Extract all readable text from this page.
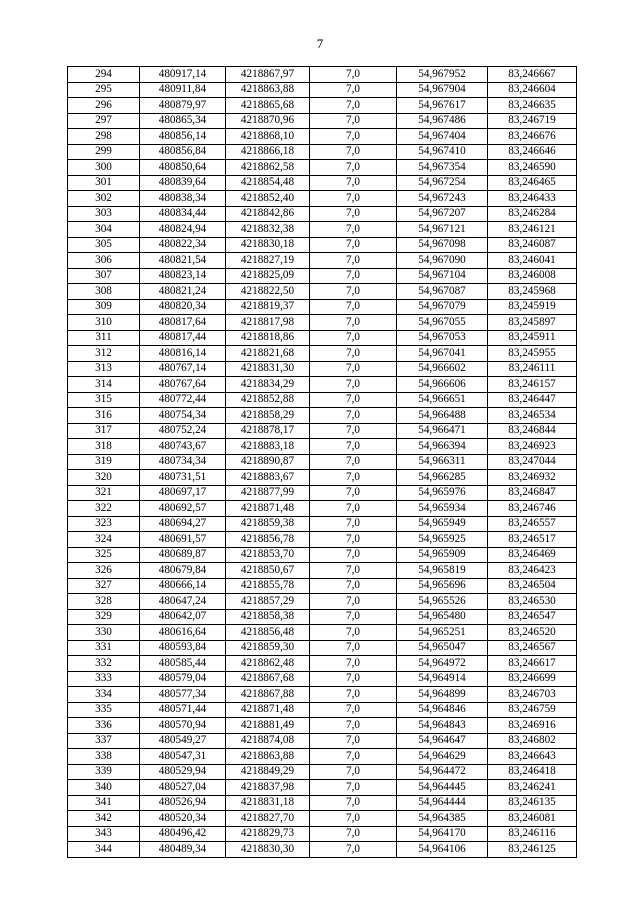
7
294	480917,14	4218867,97	7,0	54,967952	83,246667
295	480911,84	4218863,88	7,0	54,967904	83,246604
296	480879,97	4218865,68	7,0	54,967617	83,246635
297	480865,34	4218870,96	7,0	54,967486	83,246719
298	480856,14	4218868,10	7,0	54,967404	83,246676
299	480856,84	4218866,18	7,0	54,967410	83,246646
300	480850,64	4218862,58	7,0	54,967354	83,246590
301	480839,64	4218854,48	7,0	54,967254	83,246465
302	480838,34	4218852,40	7,0	54,967243	83,246433
303	480834,44	4218842,86	7,0	54,967207	83,246284
304	480824,94	4218832,38	7,0	54,967121	83,246121
305	480822,34	4218830,18	7,0	54,967098	83,246087
306	480821,54	4218827,19	7,0	54,967090	83,246041
307	480823,14	4218825,09	7,0	54,967104	83,246008
308	480821,24	4218822,50	7,0	54,967087	83,245968
309	480820,34	4218819,37	7,0	54,967079	83,245919
310	480817,64	4218817,98	7,0	54,967055	83,245897
311	480817,44	4218818,86	7,0	54,967053	83,245911
312	480816,14	4218821,68	7,0	54,967041	83,245955
313	480767,14	4218831,30	7,0	54,966602	83,246111
314	480767,64	4218834,29	7,0	54,966606	83,246157
315	480772,44	4218852,88	7,0	54,966651	83,246447
316	480754,34	4218858,29	7,0	54,966488	83,246534
317	480752,24	4218878,17	7,0	54,966471	83,246844
318	480743,67	4218883,18	7,0	54,966394	83,246923
319	480734,34	4218890,87	7,0	54,966311	83,247044
320	480731,51	4218883,67	7,0	54,966285	83,246932
321	480697,17	4218877,99	7,0	54,965976	83,246847
322	480692,57	4218871,48	7,0	54,965934	83,246746
323	480694,27	4218859,38	7,0	54,965949	83,246557
324	480691,57	4218856,78	7,0	54,965925	83,246517
325	480689,87	4218853,70	7,0	54,965909	83,246469
326	480679,84	4218850,67	7,0	54,965819	83,246423
327	480666,14	4218855,78	7,0	54,965696	83,246504
328	480647,24	4218857,29	7,0	54,965526	83,246530
329	480642,07	4218858,38	7,0	54,965480	83,246547
330	480616,64	4218856,48	7,0	54,965251	83,246520
331	480593,84	4218859,30	7,0	54,965047	83,246567
332	480585,44	4218862,48	7,0	54,964972	83,246617
333	480579,04	4218867,68	7,0	54,964914	83,246699
334	480577,34	4218867,88	7,0	54,964899	83,246703
335	480571,44	4218871,48	7,0	54,964846	83,246759
336	480570,94	4218881,49	7,0	54,964843	83,246916
337	480549,27	4218874,08	7,0	54,964647	83,246802
338	480547,31	4218863,88	7,0	54,964629	83,246643
339	480529,94	4218849,29	7,0	54,964472	83,246418
340	480527,04	4218837,98	7,0	54,964445	83,246241
341	480526,94	4218831,18	7,0	54,964444	83,246135
342	480520,34	4218827,70	7,0	54,964385	83,246081
343	480496,42	4218829,73	7,0	54,964170	83,246116
344	480489,34	4218830,30	7,0	54,964106	83,246125
